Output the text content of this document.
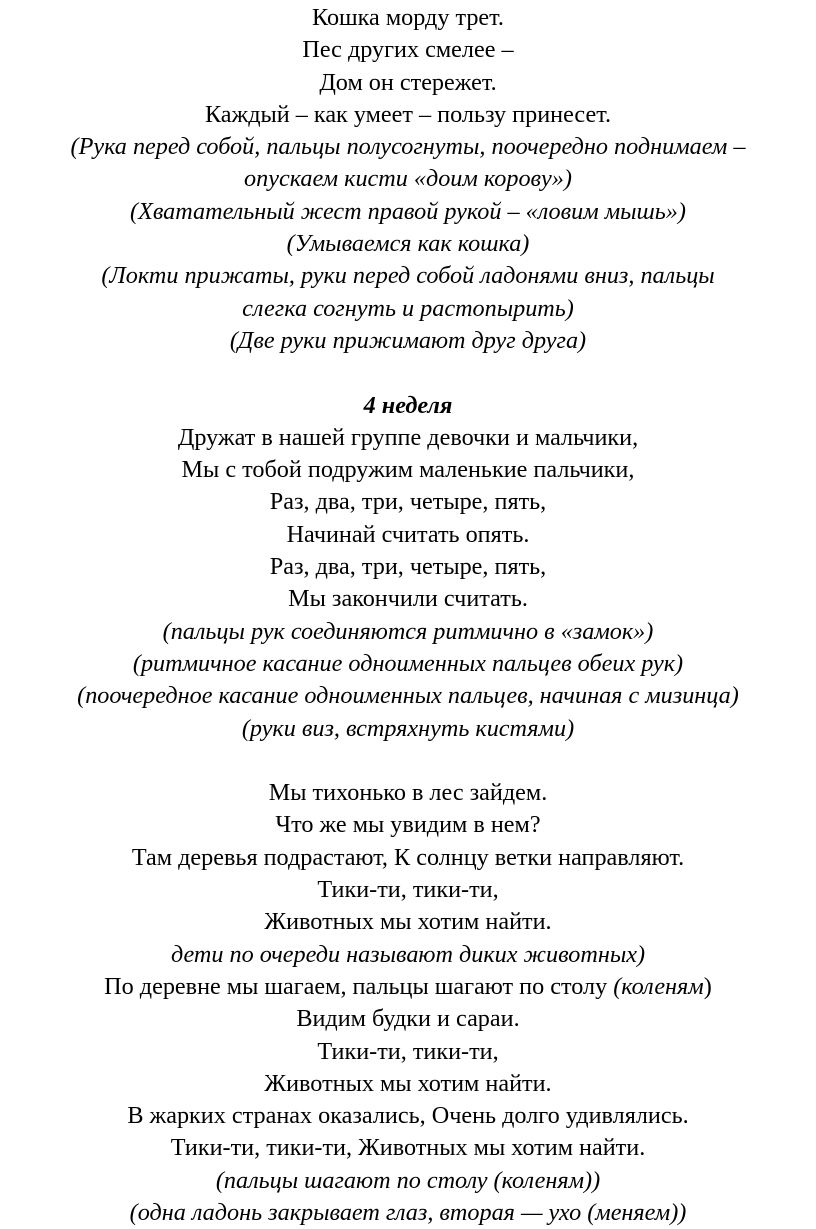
Кошка морду трет.
Пес других смелее –
Дом он стережет.
Каждый – как умеет – пользу принесет.
(Рука перед собой, пальцы полусогнуты, поочередно поднимаем –
опускаем кисти «доим корову»)
(Хватательный жест правой рукой – «ловим мышь»)
(Умываемся как кошка)
(Локти прижаты, руки перед собой ладонями вниз, пальцы
слегка согнуть и растопырить)
(Две руки прижимают друг друга)
4 неделя
Дружат в нашей группе девочки и мальчики,
Мы с тобой подружим маленькие пальчики,
Раз, два, три, четыре, пять,
Начинай считать опять.
Раз, два, три, четыре, пять,
Мы закончили считать.
(пальцы рук соединяются ритмично в «замок»)
(ритмичное касание одноименных пальцев обеих рук)
(поочередное касание одноименных пальцев, начиная с мизинца)
(руки виз, встряхнуть кистями)
Мы тихонько в лес зайдем.
Что же мы увидим в нем?
Там деревья подрастают, К солнцу ветки направляют.
Тики-ти, тики-ти,
Животных мы хотим найти.
дети по очереди называют диких животных)
По деревне мы шагаем, пальцы шагают по столу (коленям)
Видим будки и сараи.
Тики-ти, тики-ти,
Животных мы хотим найти.
В жарких странах оказались, Очень долго удивлялись.
Тики-ти, тики-ти, Животных мы хотим найти.
(пальцы шагают по столу (коленям))
(одна ладонь закрывает глаз, вторая — ухо (меняем))
